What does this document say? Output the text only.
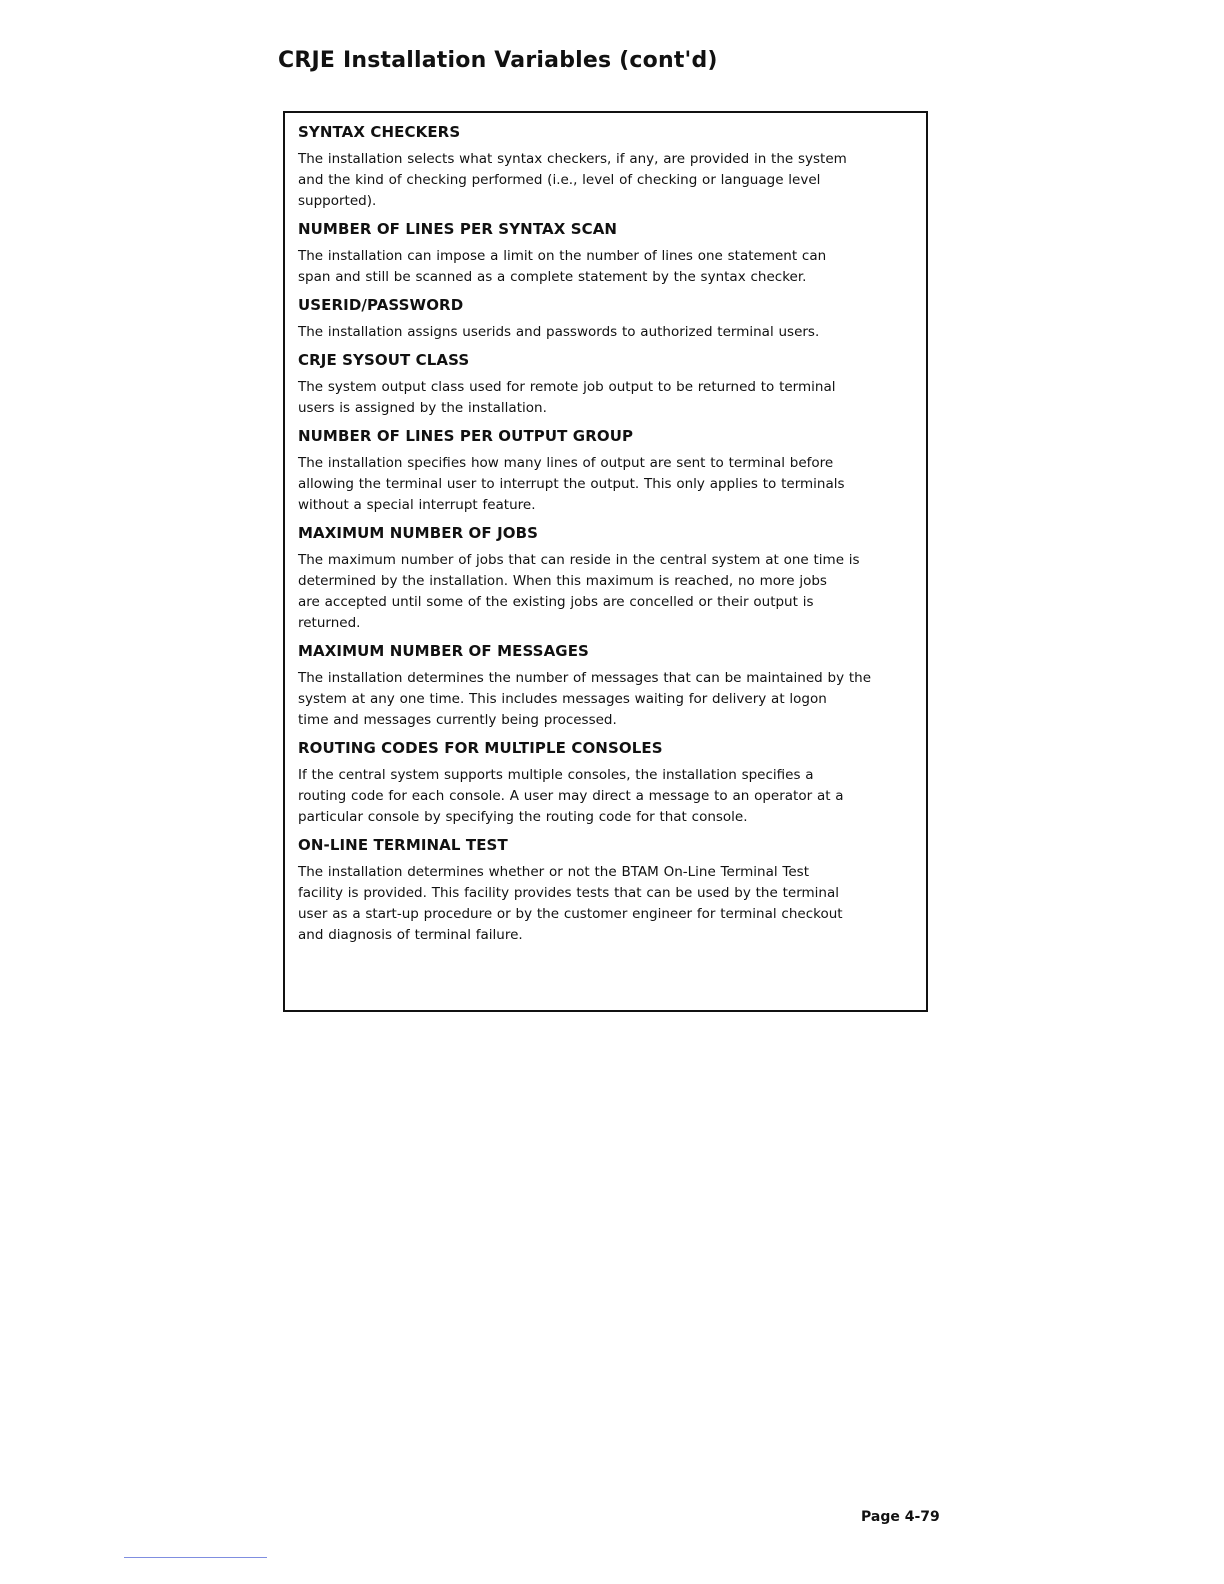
CRJE Installation Variables (cont'd)
SYNTAX CHECKERS

The installation selects what syntax checkers, if any, are provided in the system
and the kind of checking performed (i.e., level of checking or language level
supported).

NUMBER OF LINES PER SYNTAX SCAN

The installation can impose a limit on the number of lines one statement can
span and still be scanned as a complete statement by the syntax checker.

USERID/PASSWORD

The installation assigns userids and passwords to authorized terminal users.

CRJE SYSOUT CLASS

The system output class used for remote job output to be returned to terminal
users is assigned by the installation.

NUMBER OF LINES PER OUTPUT GROUP

The installation specifies how many lines of output are sent to terminal before
allowing the terminal user to interrupt the output. This only applies to terminals
without a special interrupt feature.

MAXIMUM NUMBER OF JOBS

The maximum number of jobs that can reside in the central system at one time is
determined by the installation. When this maximum is reached, no more jobs
are accepted until some of the existing jobs are concelled or their output is
returned.

MAXIMUM NUMBER OF MESSAGES

The installation determines the number of messages that can be maintained by the
system at any one time. This includes messages waiting for delivery at logon
time and messages currently being processed.

ROUTING CODES FOR MULTIPLE CONSOLES

If the central system supports multiple consoles, the installation specifies a
routing code for each console. A user may direct a message to an operator at a
particular console by specifying the routing code for that console.

ON-LINE TERMINAL TEST

The installation determines whether or not the BTAM On-Line Terminal Test
facility is provided. This facility provides tests that can be used by the terminal
user as a start-up procedure or by the customer engineer for terminal checkout
and diagnosis of terminal failure.

Page 4-79
